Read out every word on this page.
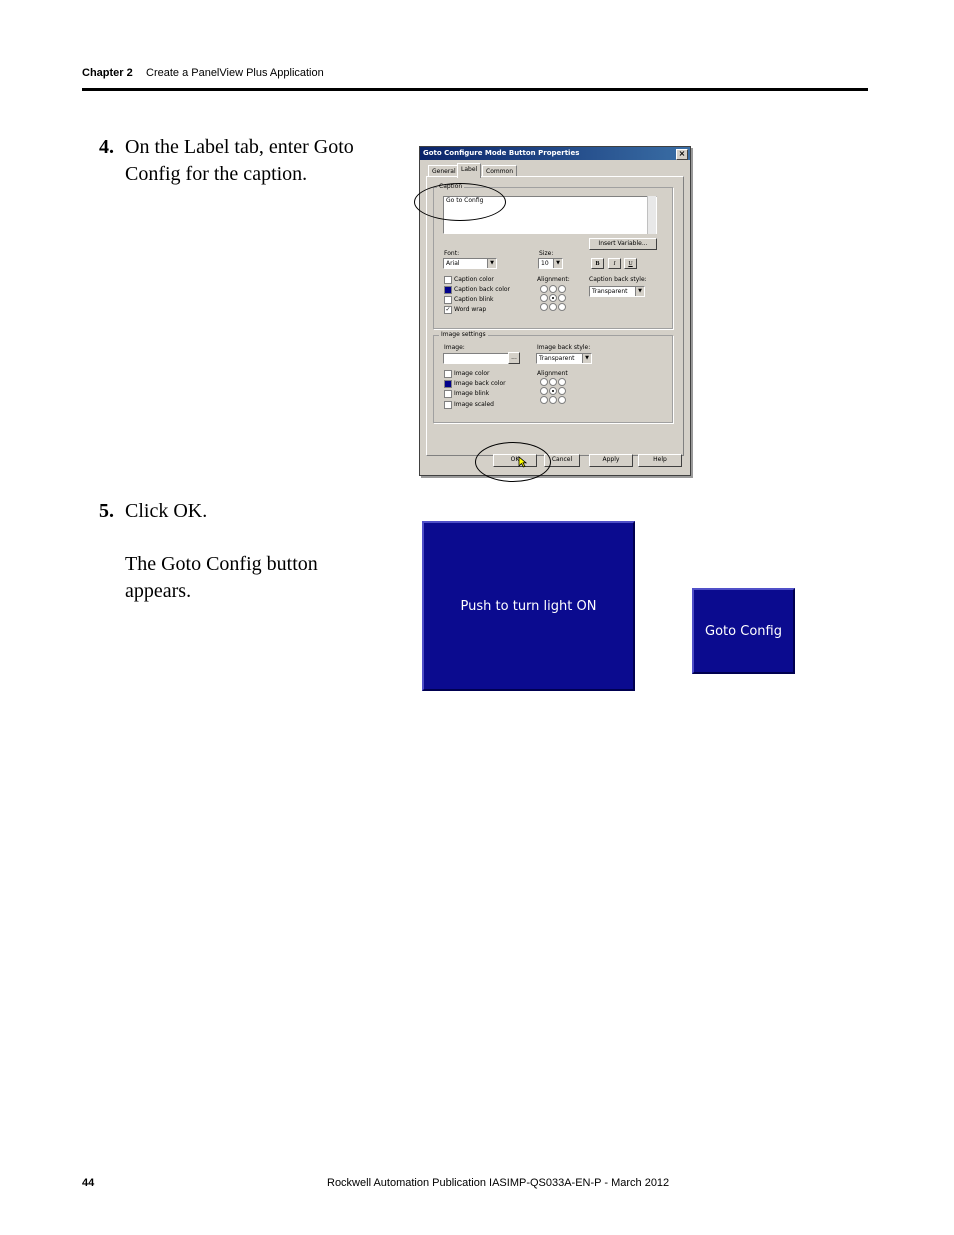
Chapter 2 Create a PanelView Plus Application
4. On the Label tab, enter Goto
Config for the caption.
5. Click OK.
The Goto Config button
appears.
Goto Configure Mode Button Properties	×
General Label	Common
Caption
Go to Config
Insert Variable...
Font:
Arial	▼
Size:
10	▼	B	I	U
Caption color
Caption back color
Caption blink
✓ Word wrap
Alignment:	Caption back style:
Transparent	▼
Image settings
Image:
...
Image back style:
Transparent	▼
Image color
Image back color
Image blink
Image scaled
Alignment
OK	Cancel	Apply	Help
Push to turn light ON
Goto Config
44	Rockwell Automation Publication IASIMP-QS033A-EN-P - March 2012
